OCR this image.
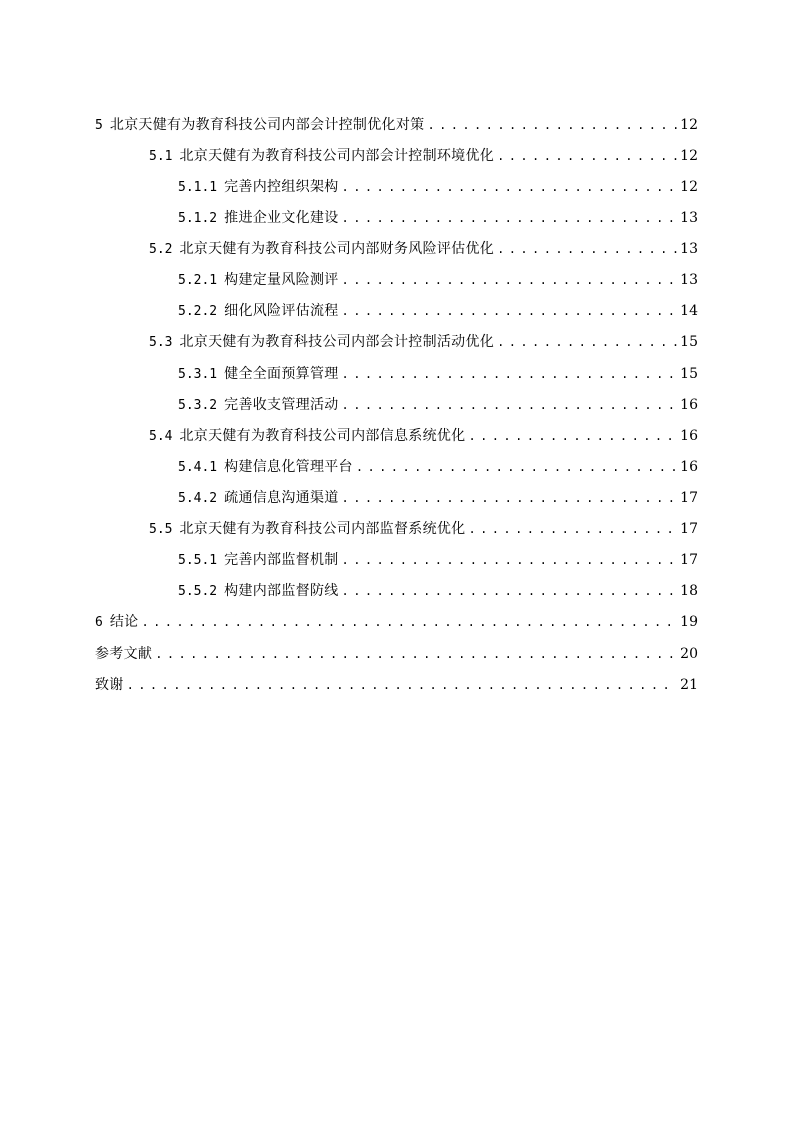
5 北京天健有为教育科技公司内部会计控制优化对策 . . .	12
5.1 北京天健有为教育科技公司内部会计控制环境优化 . . .	12
5.1.1 完善内控组织架构 . . .	12
5.1.2 推进企业文化建设 . . .	13
5.2 北京天健有为教育科技公司内部财务风险评估优化 . . .	13
5.2.1 构建定量风险测评 . . .	13
5.2.2 细化风险评估流程 . . .	14
5.3 北京天健有为教育科技公司内部会计控制活动优化 . . .	15
5.3.1 健全全面预算管理 . . .	15
5.3.2 完善收支管理活动 . . .	16
5.4 北京天健有为教育科技公司内部信息系统优化 . . .	16
5.4.1 构建信息化管理平台 . . .	16
5.4.2 疏通信息沟通渠道 . . .	17
5.5 北京天健有为教育科技公司内部监督系统优化 . . .	17
5.5.1 完善内部监督机制 . . .	17
5.5.2 构建内部监督防线 . . .	18
6 结论 . . .	19
参考文献 . . .	20
致谢 . . .	21
